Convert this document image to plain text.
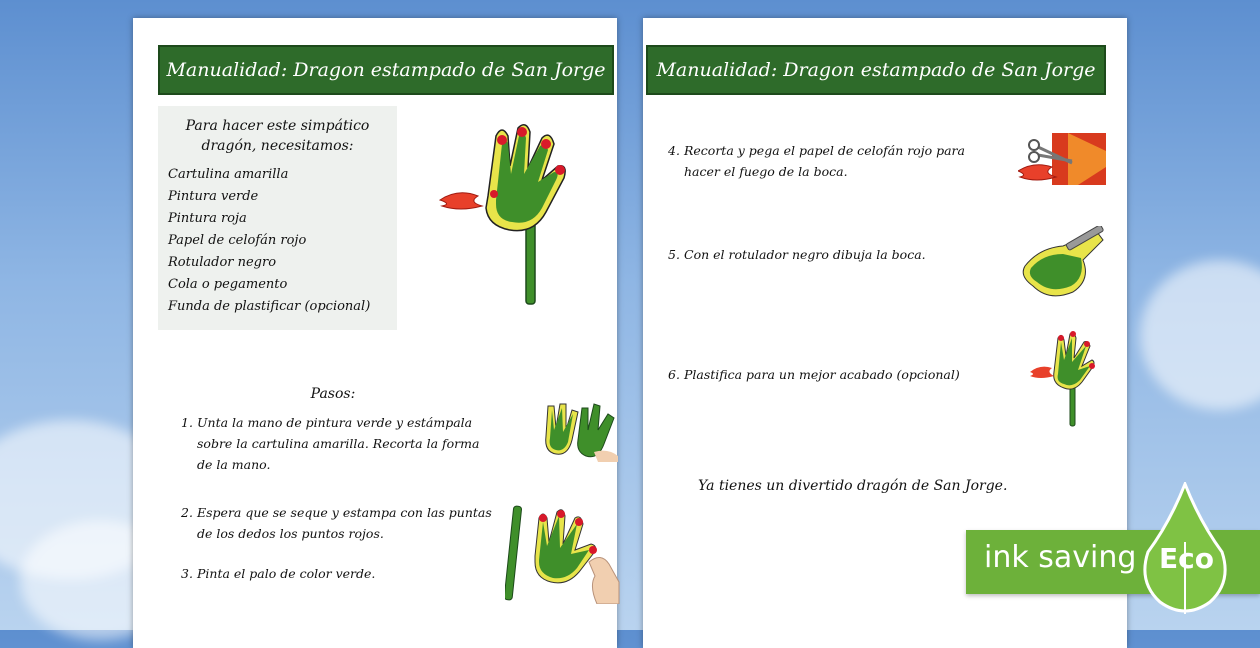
Manualidad: Dragon estampado de San Jorge
Para hacer este simpático
dragón, necesitamos:
Cartulina amarilla
Pintura verde
Pintura roja
Papel de celofán rojo
Rotulador negro
Cola o pegamento
Funda de plastificar (opcional)
Pasos:
1. Unta la mano de pintura verde y estámpala
sobre la cartulina amarilla. Recorta la forma
de la mano.
2. Espera que se seque y estampa con las puntas
de los dedos los puntos rojos.
3. Pinta el palo de color verde.
Manualidad: Dragon estampado de San Jorge
4. Recorta y pega el papel de celofán rojo para
hacer el fuego de la boca.
5. Con el rotulador negro dibuja la boca.
6. Plastifica para un mejor acabado (opcional)
Ya tienes un divertido dragón de San Jorge.
ink saving Eco
